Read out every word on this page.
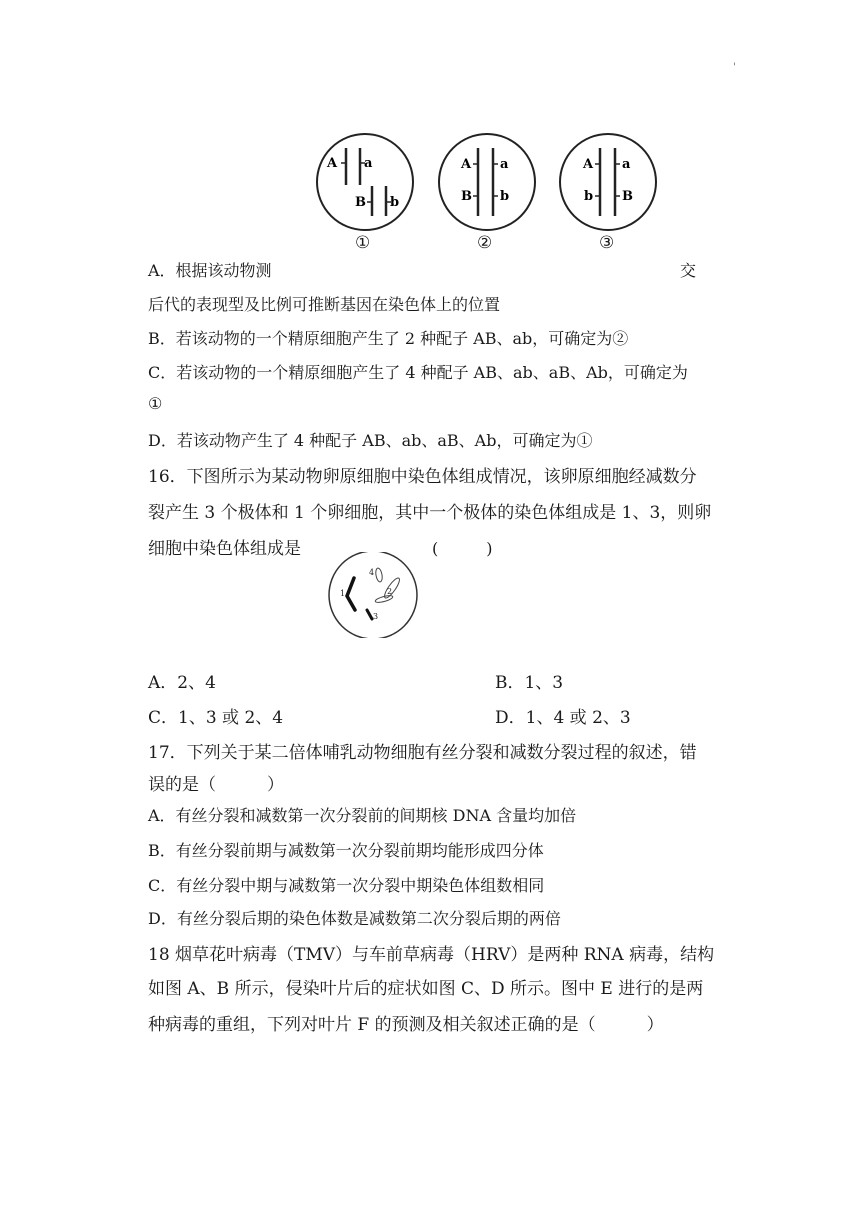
'
A a
B b
A a
B b
A a
b B
①	②	③
A．根据该动物测	交
后代的表现型及比例可推断基因在染色体上的位置
B．若该动物的一个精原细胞产生了 2 种配子 AB、ab，可确定为②
C．若该动物的一个精原细胞产生了 4 种配子 AB、ab、aB、Ab，可确定为
①
D．若该动物产生了 4 种配子 AB、ab、aB、Ab，可确定为①
16．下图所示为某动物卵原细胞中染色体组成情况，该卵原细胞经减数分
裂产生 3 个极体和 1 个卵细胞，其中一个极体的染色体组成是 1、3，则卵
细胞中染色体组成是	(　　　)
1	2
3
4
A．2、4	B．1、3
C．1、3 或 2、4	D．1、4 或 2、3
17．下列关于某二倍体哺乳动物细胞有丝分裂和减数分裂过程的叙述，错
误的是（　　　）
A．有丝分裂和减数第一次分裂前的间期核 DNA 含量均加倍
B．有丝分裂前期与减数第一次分裂前期均能形成四分体
C．有丝分裂中期与减数第一次分裂中期染色体组数相同
D．有丝分裂后期的染色体数是减数第二次分裂后期的两倍
18 烟草花叶病毒（TMV）与车前草病毒（HRV）是两种 RNA 病毒，结构
如图 A、B 所示，侵染叶片后的症状如图 C、D 所示。图中 E 进行的是两
种病毒的重组，下列对叶片 F 的预测及相关叙述正确的是（　　　）
